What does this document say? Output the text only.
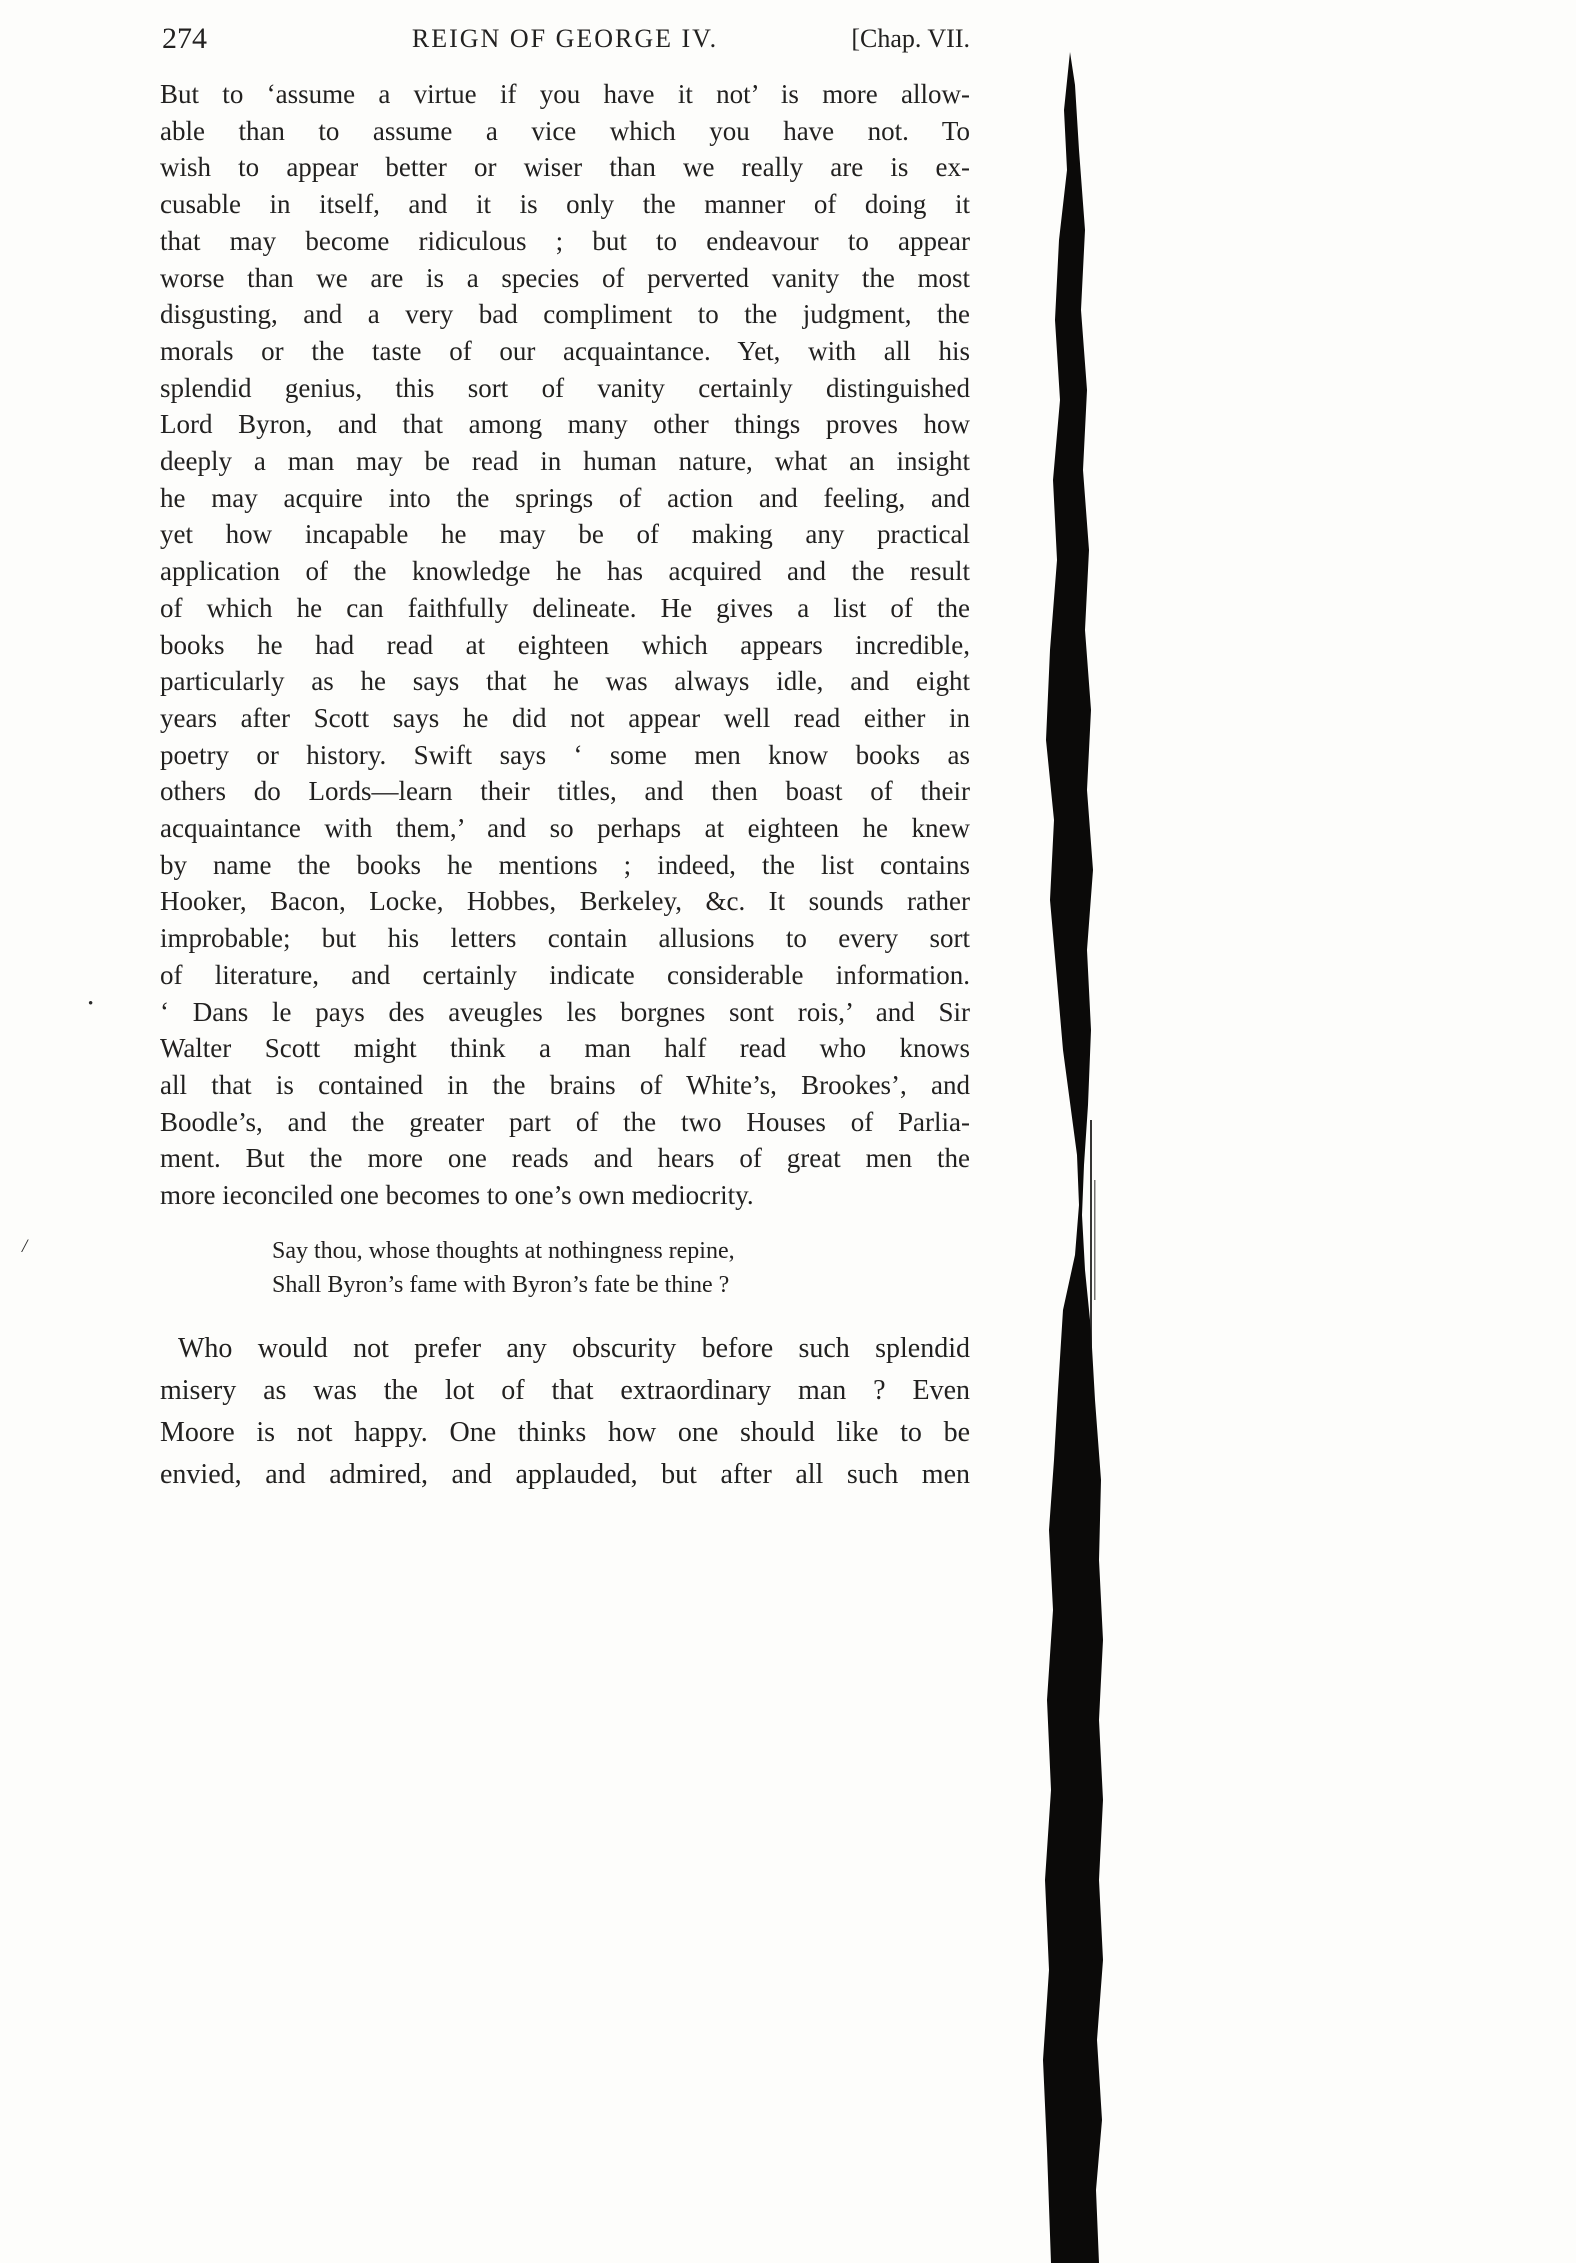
274	REIGN OF GEORGE IV.	[Chap. VII.
But to ‘assume a virtue if you have it not’ is more allow-
able than to assume a vice which you have not. To
wish to appear better or wiser than we really are is ex-
cusable in itself, and it is only the manner of doing it
that may become ridiculous ; but to endeavour to appear
worse than we are is a species of perverted vanity the most
disgusting, and a very bad compliment to the judgment, the
morals or the taste of our acquaintance. Yet, with all his
splendid genius, this sort of vanity certainly distinguished
Lord Byron, and that among many other things proves how
deeply a man may be read in human nature, what an insight
he may acquire into the springs of action and feeling, and
yet how incapable he may be of making any practical
application of the knowledge he has acquired and the result
of which he can faithfully delineate. He gives a list of the
books he had read at eighteen which appears incredible,
particularly as he says that he was always idle, and eight
years after Scott says he did not appear well read either in
poetry or history. Swift says ‘ some men know books as
others do Lords—learn their titles, and then boast of their
acquaintance with them,’ and so perhaps at eighteen he knew
by name the books he mentions ; indeed, the list contains
Hooker, Bacon, Locke, Hobbes, Berkeley, &c. It sounds rather
improbable; but his letters contain allusions to every sort
of literature, and certainly indicate considerable information.
‘ Dans le pays des aveugles les borgnes sont rois,’ and Sir
Walter Scott might think a man half read who knows
all that is contained in the brains of White’s, Brookes’, and
Boodle’s, and the greater part of the two Houses of Parlia-
ment. But the more one reads and hears of great men the
more ieconciled one becomes to one’s own mediocrity.
Say thou, whose thoughts at nothingness repine,
Shall Byron’s fame with Byron’s fate be thine ?
Who would not prefer any obscurity before such splendid
misery as was the lot of that extraordinary man ? Even
Moore is not happy. One thinks how one should like to be
envied, and admired, and applauded, but after all such men
•
/
